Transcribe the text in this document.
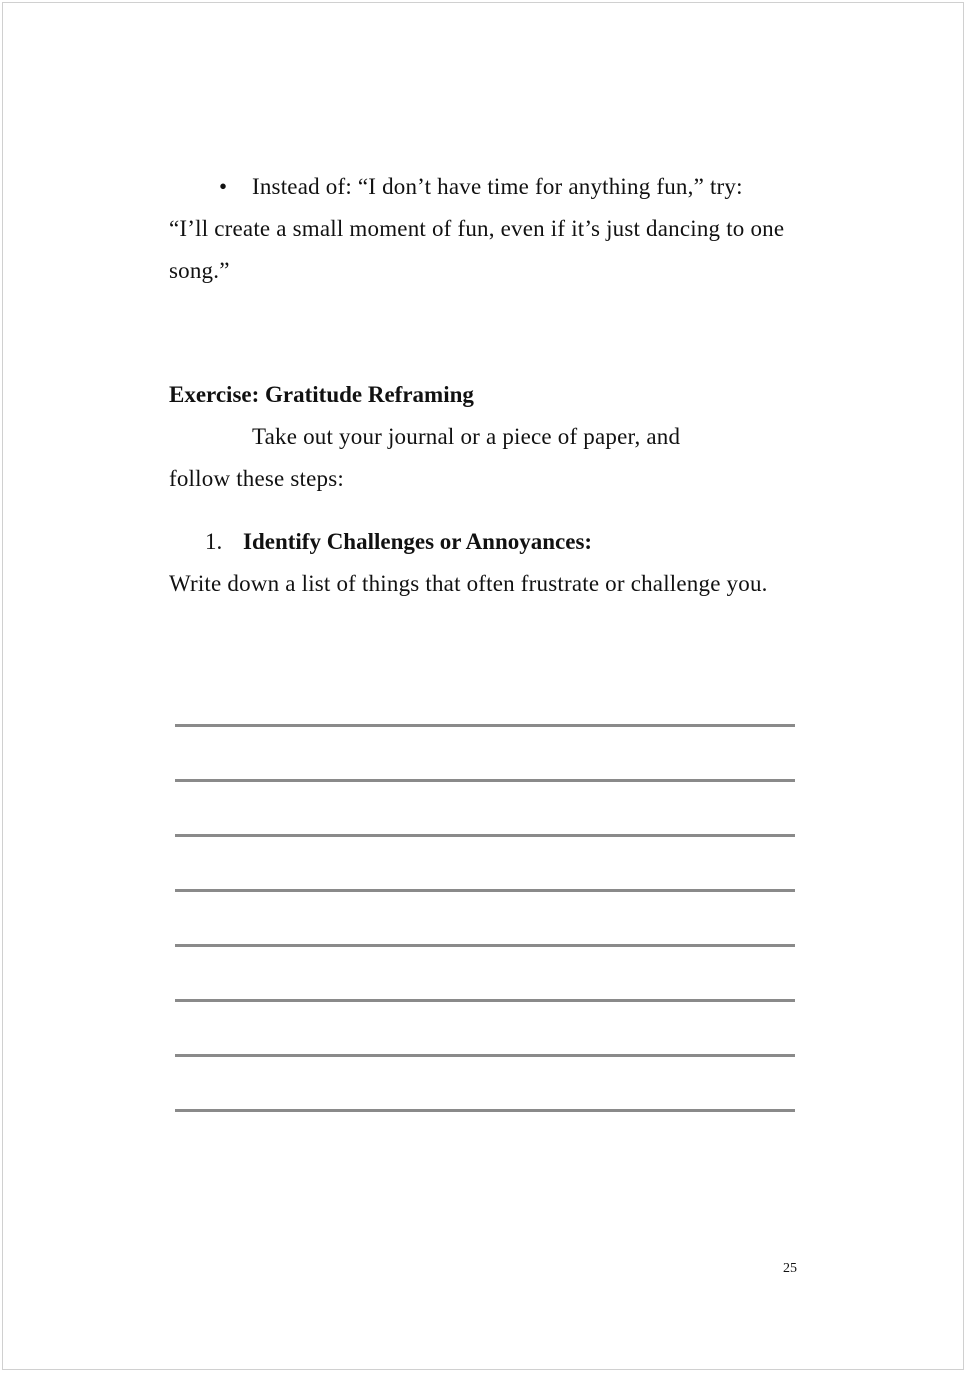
• Instead of: “I don’t have time for anything fun,” try:
“I’ll create a small moment of fun, even if it’s just dancing to one song.”
Exercise: Gratitude Reframing
Take out your journal or a piece of paper, and
follow these steps:
1. Identify Challenges or Annoyances:
Write down a list of things that often frustrate or challenge you.
25
